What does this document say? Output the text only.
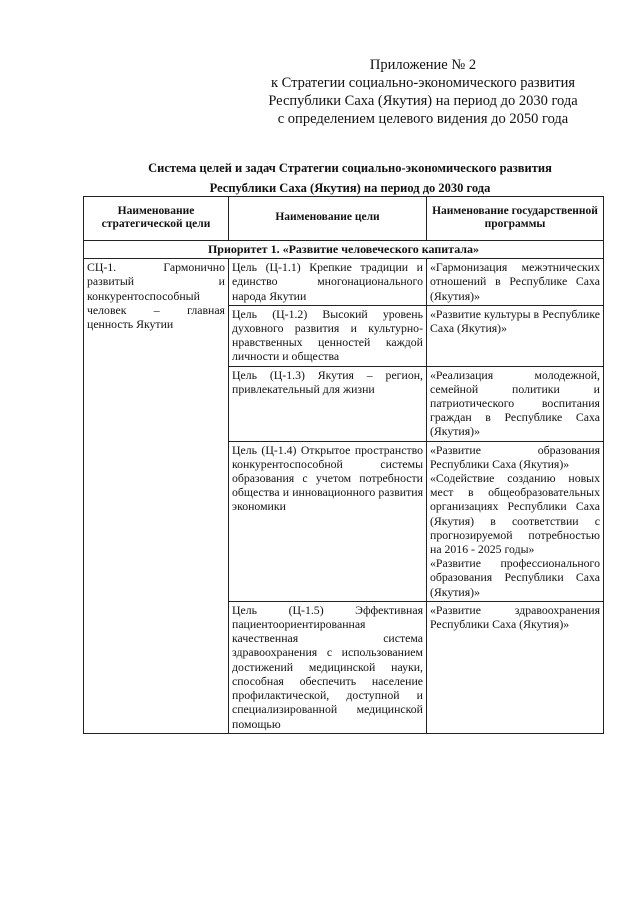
Приложение № 2
к Стратегии социально-экономического развития
Республики Саха (Якутия) на период до 2030 года
с определением целевого видения до 2050 года
Система целей и задач Стратегии социально-экономического развития
Республики Саха (Якутия) на период до 2030 года
Наименование стратегической цели	Наименование цели	Наименование государственной программы
Приоритет 1. «Развитие человеческого капитала»		
СЦ-1. Гармонично развитый и конкурентоспособный человек – главная ценность Якутии	Цель (Ц-1.1) Крепкие традиции и единство многонационального народа Якутии	«Гармонизация межэтнических отношений в Республике Саха (Якутия)»

	Цель (Ц-1.2) Высокий уровень духовного развития и культурно-нравственных ценностей каждой личности и общества	«Развитие культуры в Республике Саха (Якутия)»

	Цель (Ц-1.3) Якутия – регион, привлекательный для жизни	«Реализация молодежной, семейной политики и патриотического воспитания граждан в Республике Саха (Якутия)»

	Цель (Ц-1.4) Открытое пространство конкурентоспособной системы образования с учетом потребности общества и инновационного развития экономики	«Развитие образования Республики Саха (Якутия)»
«Содействие созданию новых мест в общеобразовательных организациях Республики Саха (Якутия) в соответствии с прогнозируемой потребностью на 2016 - 2025 годы»
«Развитие профессионального образования Республики Саха (Якутия)»

	Цель (Ц-1.5) Эффективная пациентоориентированная качественная система здравоохранения с использованием достижений медицинской науки, способная обеспечить население профилактической, доступной и специализированной медицинской помощью	«Развитие здравоохранения Республики Саха (Якутия)»
